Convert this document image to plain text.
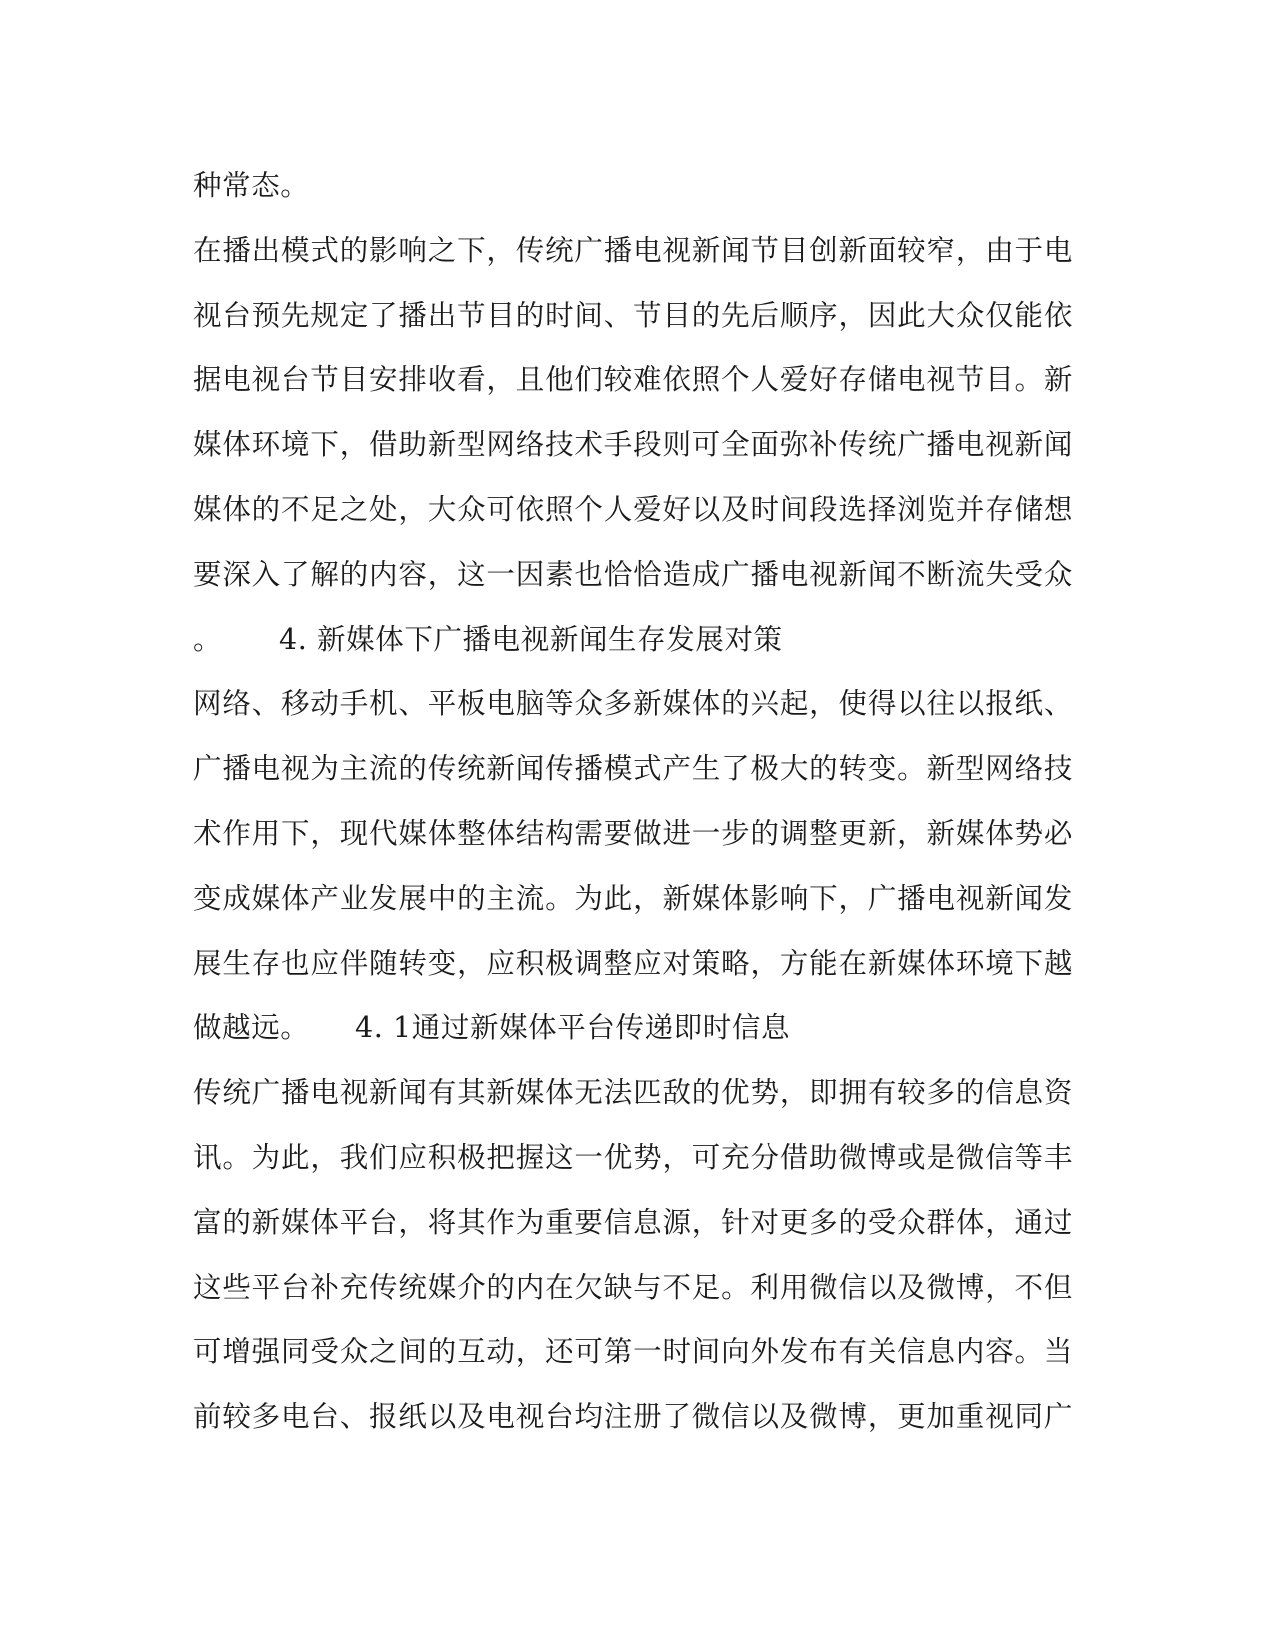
种常态。
在播出模式的影响之下，传统广播电视新闻节目创新面较窄，由于电
视台预先规定了播出节目的时间、节目的先后顺序，因此大众仅能依
据电视台节目安排收看，且他们较难依照个人爱好存储电视节目。新
媒体环境下，借助新型网络技术手段则可全面弥补传统广播电视新闻
媒体的不足之处，大众可依照个人爱好以及时间段选择浏览并存储想
要深入了解的内容，这一因素也恰恰造成广播电视新闻不断流失受众
。 4. 新媒体下广播电视新闻生存发展对策
网络、移动手机、平板电脑等众多新媒体的兴起，使得以往以报纸、
广播电视为主流的传统新闻传播模式产生了极大的转变。新型网络技
术作用下，现代媒体整体结构需要做进一步的调整更新，新媒体势必
变成媒体产业发展中的主流。为此，新媒体影响下，广播电视新闻发
展生存也应伴随转变，应积极调整应对策略，方能在新媒体环境下越
做越远。 4. 1通过新媒体平台传递即时信息
传统广播电视新闻有其新媒体无法匹敌的优势，即拥有较多的信息资
讯。为此，我们应积极把握这一优势，可充分借助微博或是微信等丰
富的新媒体平台，将其作为重要信息源，针对更多的受众群体，通过
这些平台补充传统媒介的内在欠缺与不足。利用微信以及微博，不但
可增强同受众之间的互动，还可第一时间向外发布有关信息内容。当
前较多电台、报纸以及电视台均注册了微信以及微博，更加重视同广
